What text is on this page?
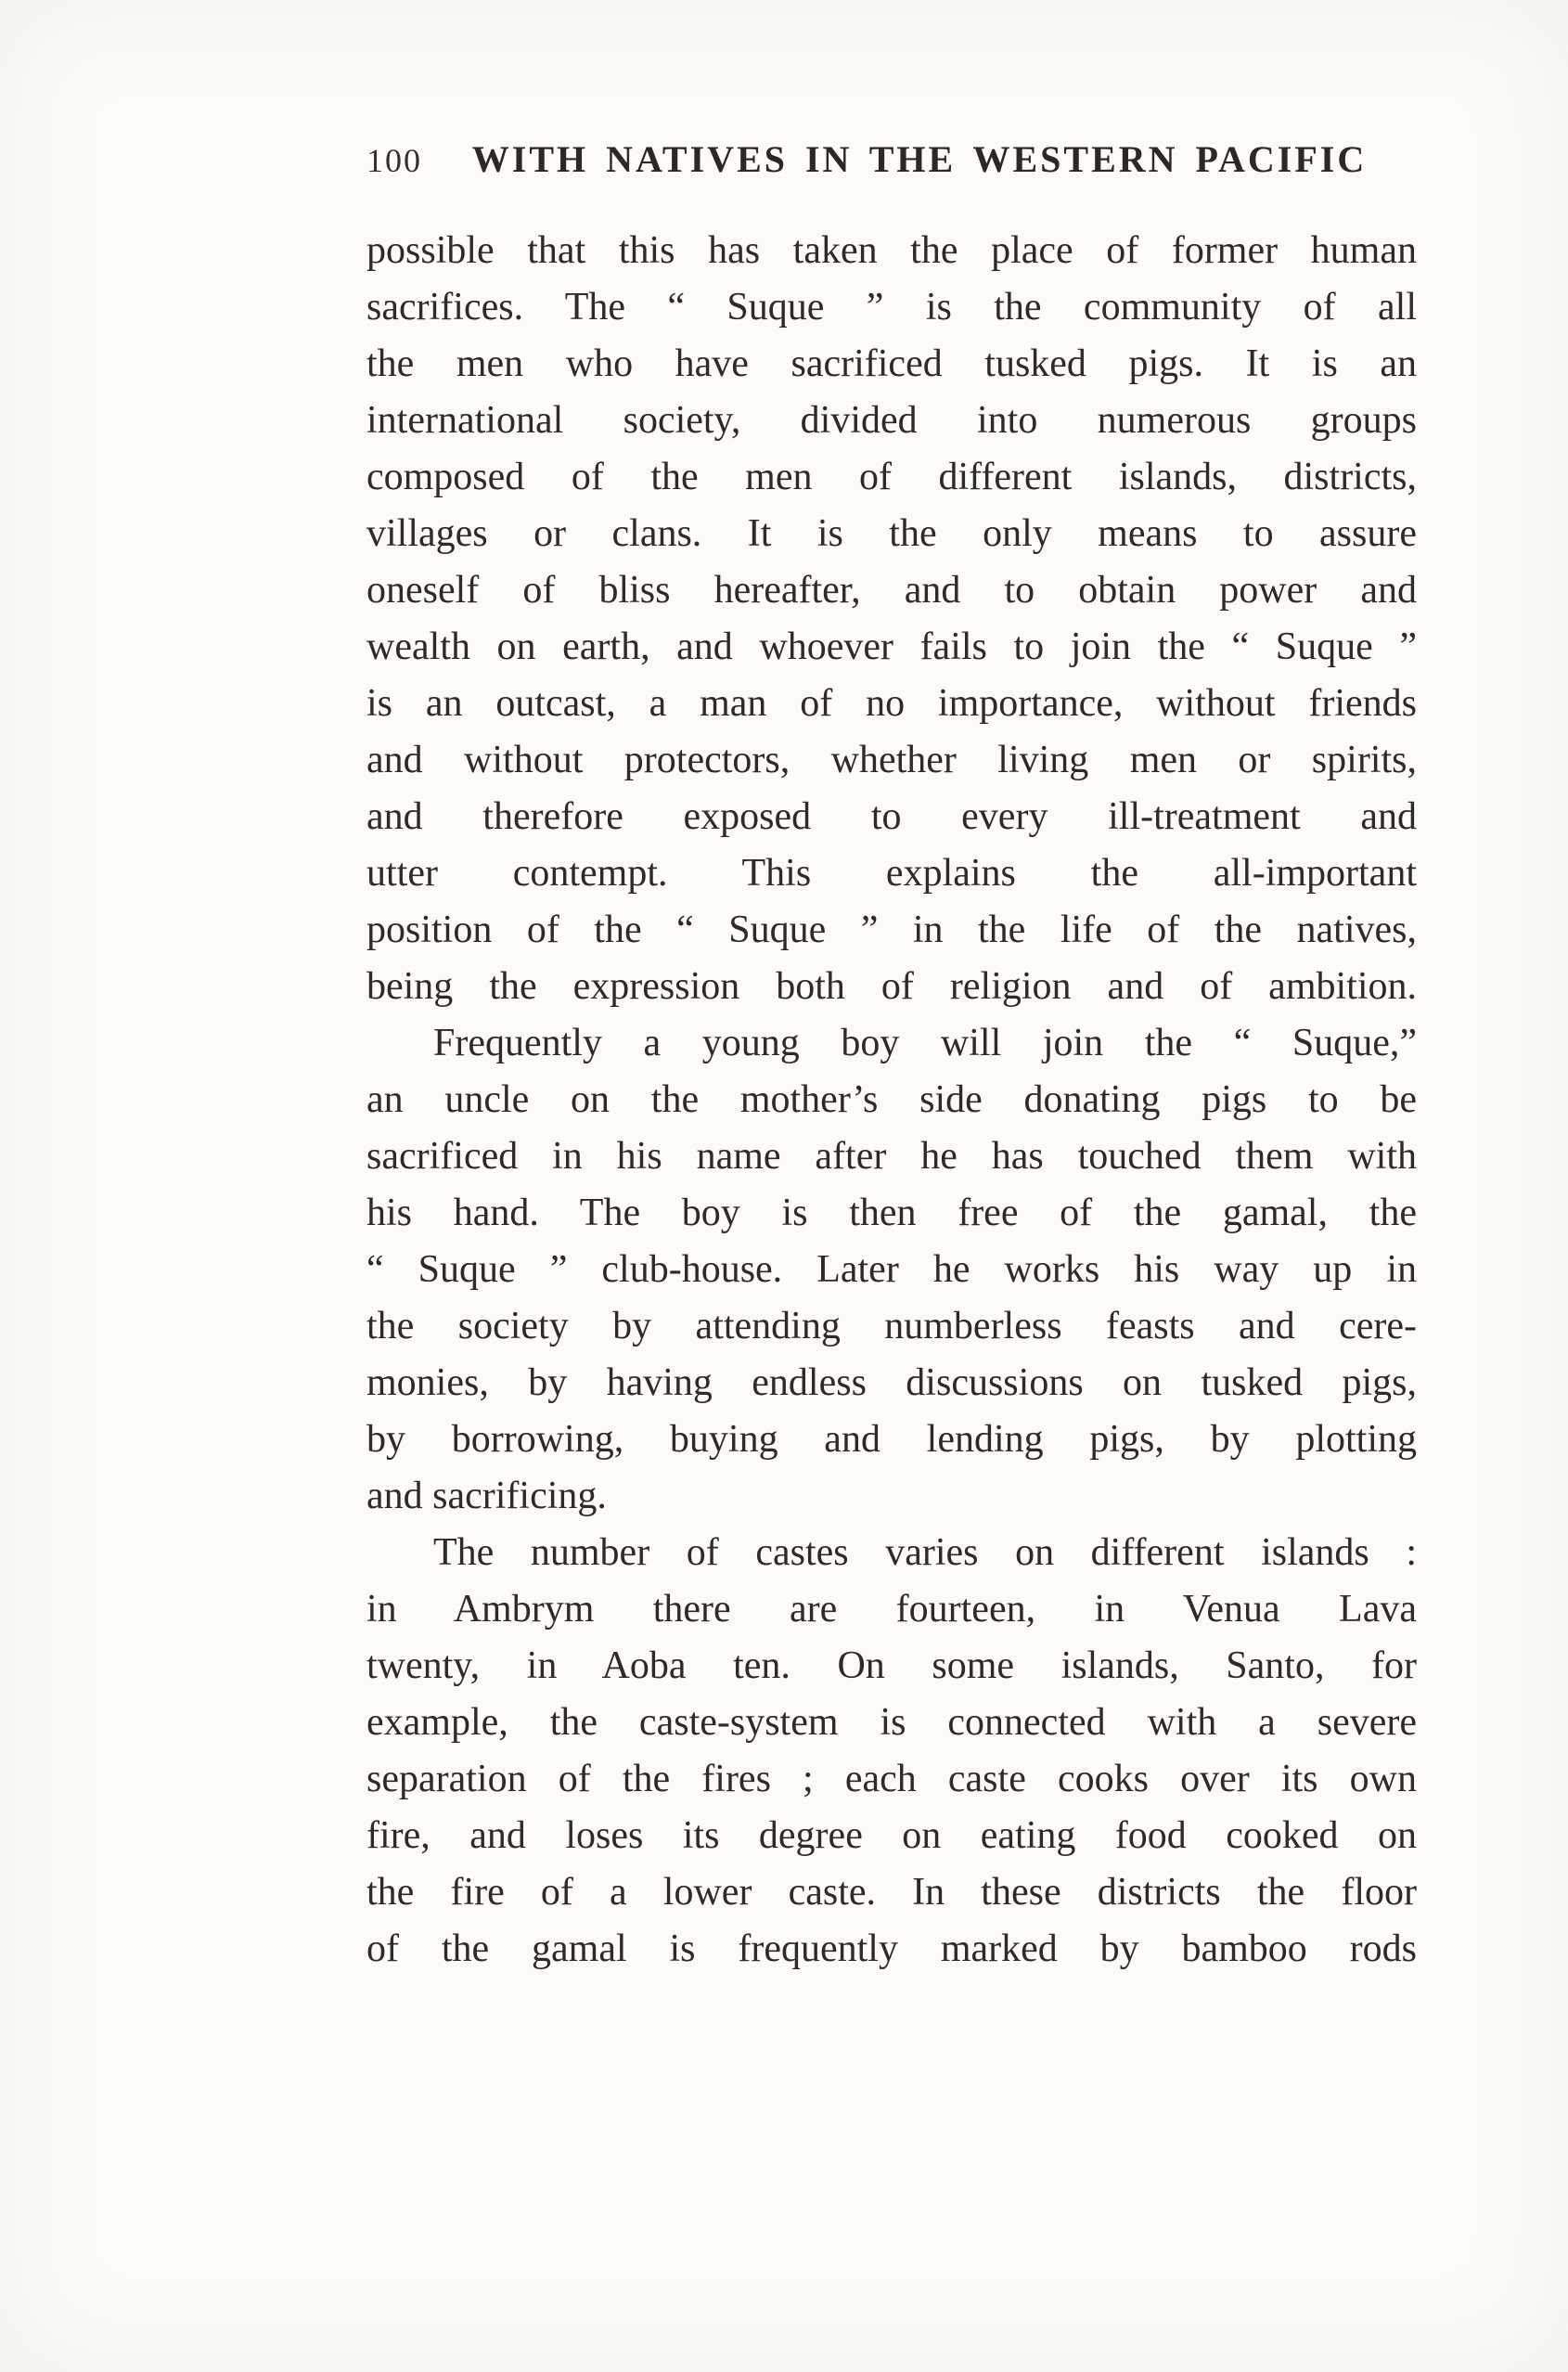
100	WITH NATIVES IN THE WESTERN PACIFIC
possible that this has taken the place of former human
sacrifices. The “ Suque ” is the community of all
the men who have sacrificed tusked pigs. It is an
international society, divided into numerous groups
composed of the men of different islands, districts,
villages or clans. It is the only means to assure
oneself of bliss hereafter, and to obtain power and
wealth on earth, and whoever fails to join the “ Suque ”
is an outcast, a man of no importance, without friends
and without protectors, whether living men or spirits,
and therefore exposed to every ill-treatment and
utter contempt. This explains the all-important
position of the “ Suque ” in the life of the natives,
being the expression both of religion and of ambition.
Frequently a young boy will join the “ Suque,”
an uncle on the mother’s side donating pigs to be
sacrificed in his name after he has touched them with
his hand. The boy is then free of the gamal, the
“ Suque ” club-house. Later he works his way up in
the society by attending numberless feasts and cere-
monies, by having endless discussions on tusked pigs,
by borrowing, buying and lending pigs, by plotting
and sacrificing.
The number of castes varies on different islands :
in Ambrym there are fourteen, in Venua Lava
twenty, in Aoba ten. On some islands, Santo, for
example, the caste-system is connected with a severe
separation of the fires ; each caste cooks over its own
fire, and loses its degree on eating food cooked on
the fire of a lower caste. In these districts the floor
of the gamal is frequently marked by bamboo rods
